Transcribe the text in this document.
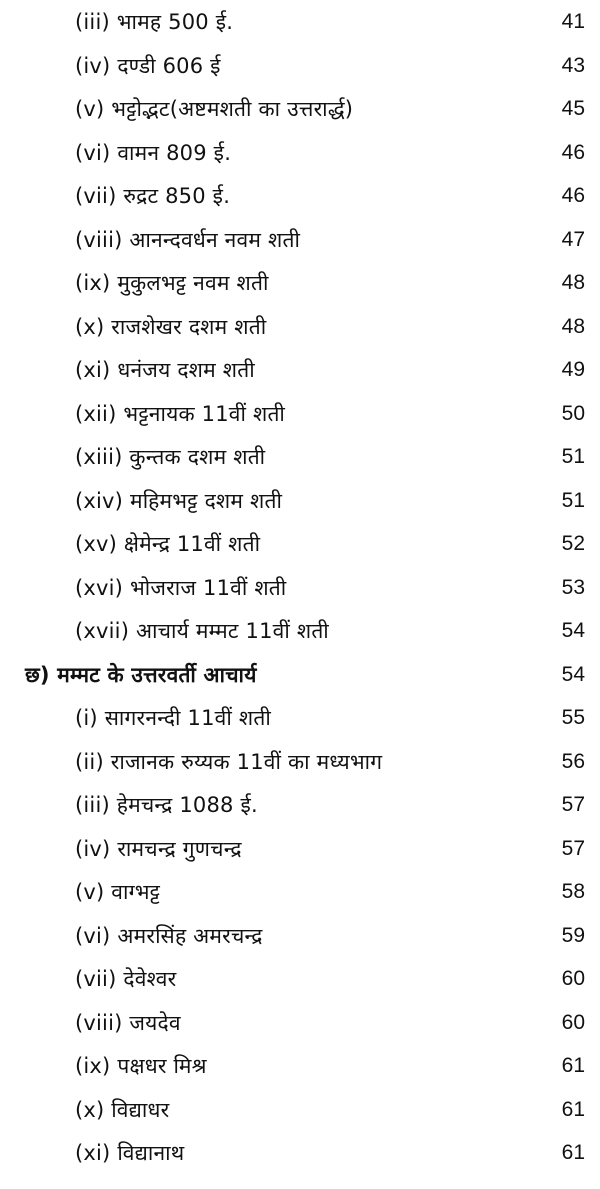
(iii) भामह 500 ई.	41
(iv) दण्डी 606 ई	43
(v) भट्टोद्भट(अष्टमशती का उत्तरार्द्ध)	45
(vi) वामन 809 ई.	46
(vii) रुद्रट 850 ई.	46
(viii) आनन्दवर्धन नवम शती	47
(ix) मुकुलभट्ट नवम शती	48
(x) राजशेखर दशम शती	48
(xi) धनंजय दशम शती	49
(xii) भट्टनायक 11वीं शती	50
(xiii) कुन्तक दशम शती	51
(xiv) महिमभट्ट दशम शती	51
(xv) क्षेमेन्द्र 11वीं शती	52
(xvi) भोजराज 11वीं शती	53
(xvii) आचार्य मम्मट 11वीं शती	54
छ) मम्मट के उत्तरवर्ती आचार्य	54
(i) सागरनन्दी 11वीं शती	55
(ii) राजानक रुय्यक 11वीं का मध्यभाग	56
(iii) हेमचन्द्र 1088 ई.	57
(iv) रामचन्द्र गुणचन्द्र	57
(v) वाग्भट्ट	58
(vi) अमरसिंह अमरचन्द्र	59
(vii) देवेश्वर	60
(viii) जयदेव	60
(ix) पक्षधर मिश्र	61
(x) विद्याधर	61
(xi) विद्यानाथ	61
